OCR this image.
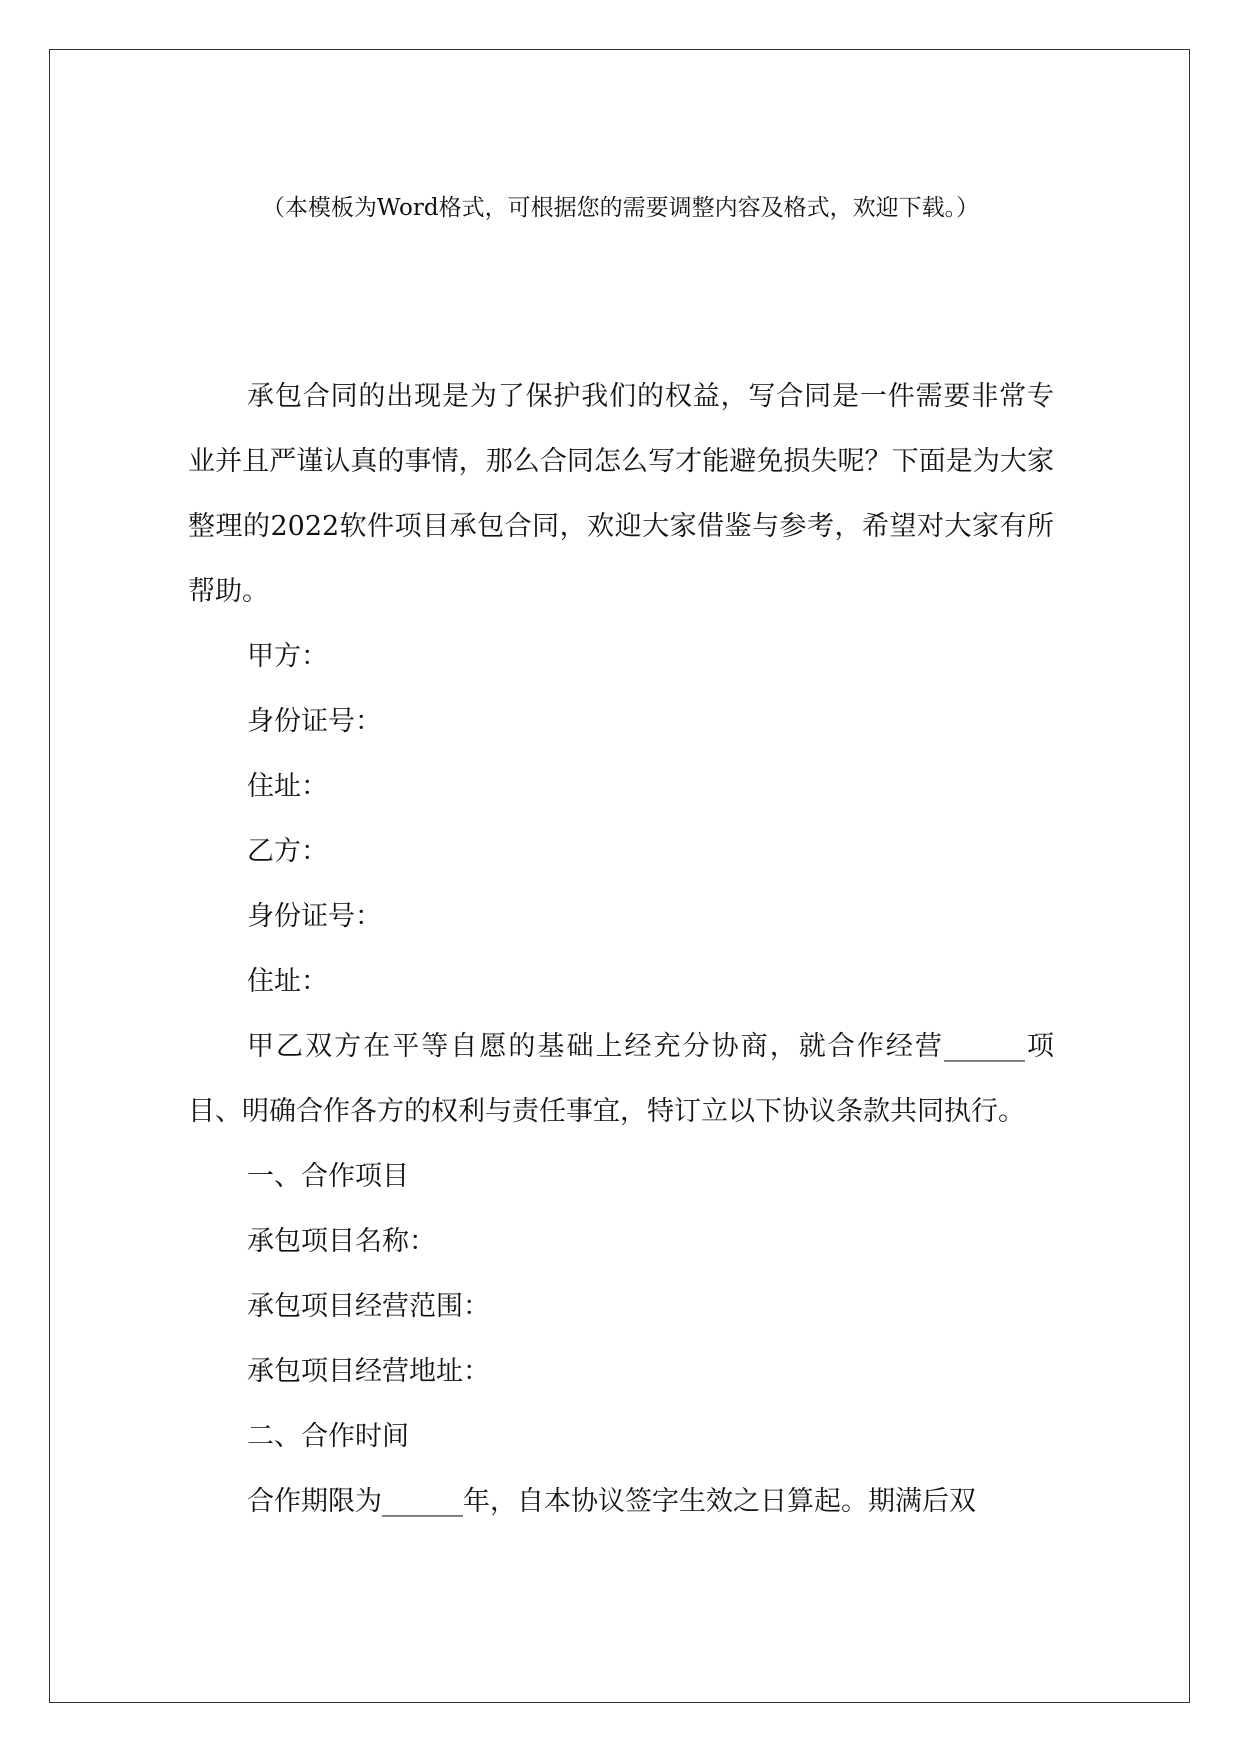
（本模板为Word格式，可根据您的需要调整内容及格式，欢迎下载。）

承包合同的出现是为了保护我们的权益，写合同是一件需要非常专业并且严谨认真的事情，那么合同怎么写才能避免损失呢？下面是为大家整理的2022软件项目承包合同，欢迎大家借鉴与参考，希望对大家有所帮助。

甲方：

身份证号：

住址：

乙方：

身份证号：

住址：

甲乙双方在平等自愿的基础上经充分协商，就合作经营______项目、明确合作各方的权利与责任事宜，特订立以下协议条款共同执行。

一、合作项目

承包项目名称：

承包项目经营范围：

承包项目经营地址：

二、合作时间

合作期限为______年，自本协议签字生效之日算起。期满后双
